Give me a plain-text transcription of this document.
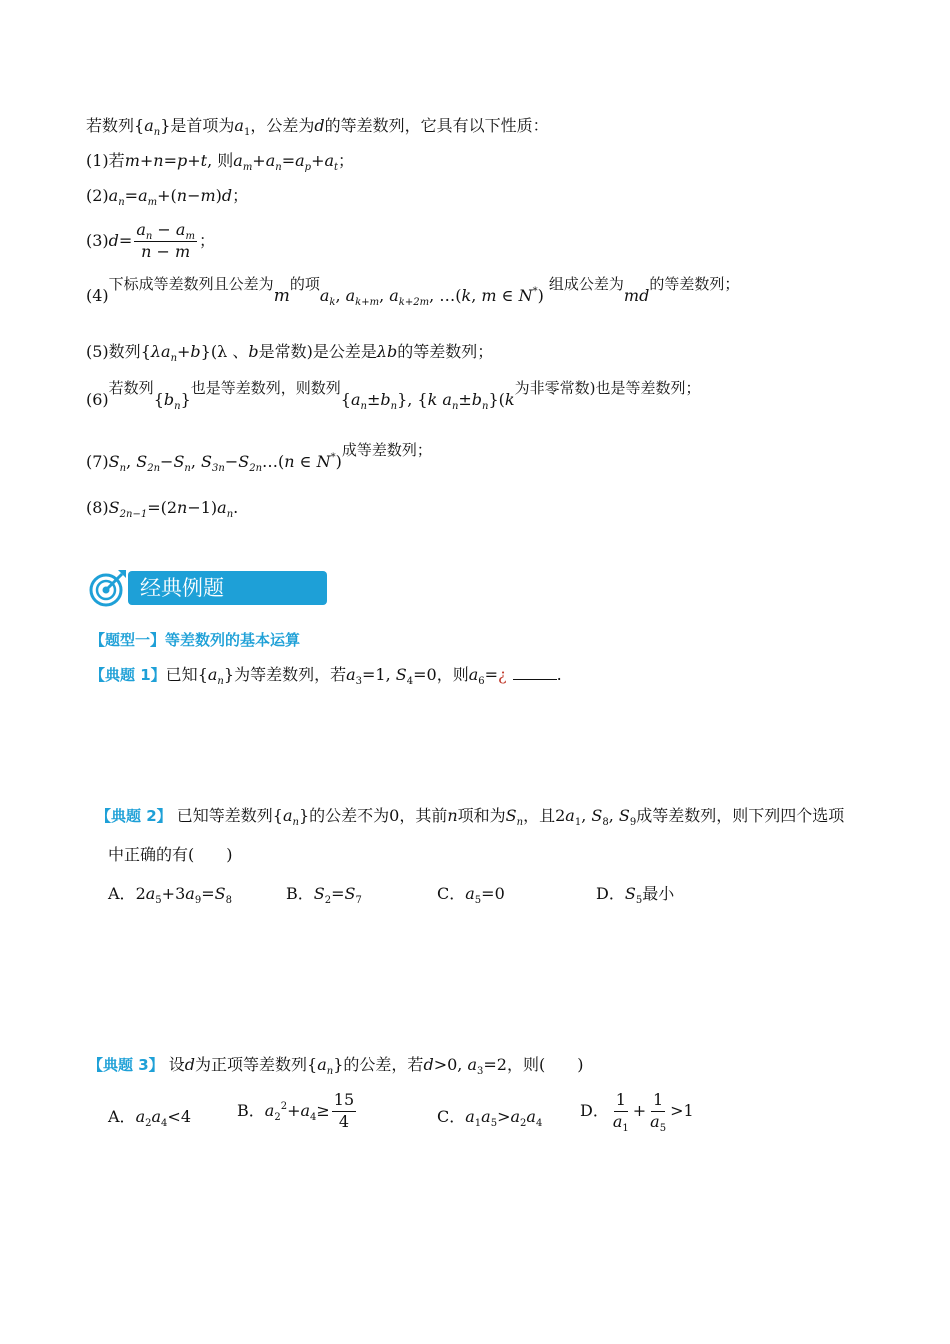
若数列$\{a_n\}$是首项为$a_1$，公差为d的等差数列，它具有以下性质：
(1)若m+n=p+t, 则$a_m+a_n=a_p+a_t$；
$(2)a_n=a_m+(n-m)d$；
$(3)d= \frac{a_n - a_m}{n - m}$ ；
(4)下标成等差数列且公差为m的项$a_k$, $a_{k+m}$, $a_{k+2m}$, …(k, m ∈ N*) 组成公差为md的等差数列；
(5)数列$\{\lambda a_n+b\}(\lambda$ 、b是常数)是公差是λb的等差数列；
(6)若数列$\{b_n\}$也是等差数列，则数列$\{a_n\pm b_n\}$, {k $a_n\pm b_n\}(k$为非零常数)也是等差数列；
$(7)S_n$, $S_{2n}-S_n$, $S_{3n}-S_{2n}\dots(n$ ∈ N*)成等差数列；
$(8)S_{2n-1}=(2n-1)a_n$.
经典例题
【题型一】等差数列的基本运算
【典题 1】已知$\{a_n\}$为等差数列，若$a_3=1$, $S_4=0$，则$a_6=¿$	.
【典题 2】 已知等差数列$\{a_n\}$的公差不为0，其前n项和为$S_n$，且$2a_1$, $S_8$, $S_9$成等差数列，则下列四个选项
中正确的有(　　)
A．$2a_5+3a_9=S_8$	B．$S_2=S_7$	C．$a_5=0$	D．$S_5$最小
【典题 3】 设d为正项等差数列$\{a_n\}$的公差，若d>0, $a_3=2$，则(　　)
A．$a_2a_4<4$	B．$a_2^2+a_4\ge \frac{15}{4}$	C．$a_1a_5>a_2a_4$
D． $\frac{1}{a_1} + \frac{1}{a_5} >1$
